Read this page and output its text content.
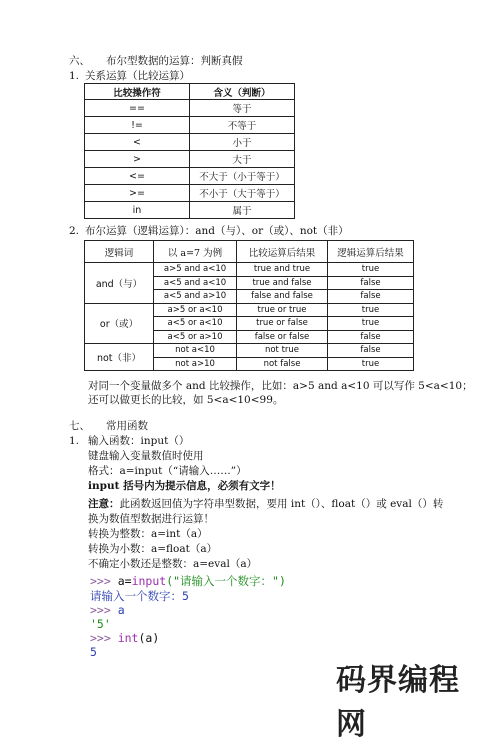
六、 布尔型数据的运算：判断真假
1. 关系运算（比较运算）
比较操作符	含义（判断）
==	等于
!=	不等于
<	小于
>	大于
<=	不大于（小于等于）
>=	不小于（大于等于）
in	属于
2. 布尔运算（逻辑运算）：and（与）、or（或）、not（非）
逻辑词	以 a=7 为例	比较运算后结果	逻辑运算后结果
and（与）	a>5 and a<10	true and true	true
	a<5 and a<10	true and false	false
	a<5 and a>10	false and false	false
or（或）	a>5 or a<10	true or true	true
	a<5 or a<10	true or false	true
	a<5 or a>10	false or false	false
not（非）	not a<10	not true	false
	not a>10	not false	true
对同一个变量做多个 and 比较操作，比如：a>5 and a<10 可以写作 5<a<10；
还可以做更长的比较，如 5<a<10<99。
七、 常用函数
1. 输入函数：input（）
键盘输入变量数值时使用
格式：a=input（“请输入……”）
input 括号内为提示信息，必须有文字！
注意：此函数返回值为字符串型数据，要用 int（）、float（）或 eval（）转
换为数值型数据进行运算！
转换为整数：a=int（a）
转换为小数：a=float（a）
不确定小数还是整数：a=eval（a）
>>> a=input("请输入一个数字：")
请输入一个数字：5
>>> a
'5'
>>> int(a)
5
码界编程网
